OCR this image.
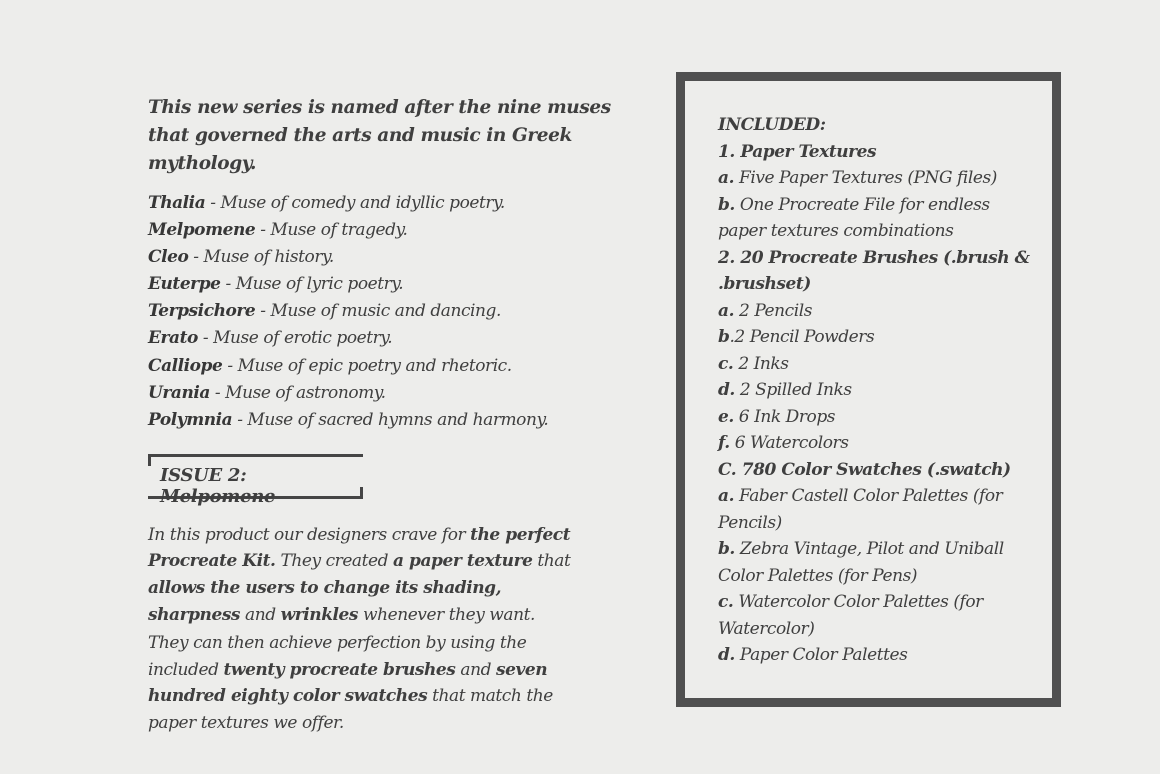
This new series is named after the nine muses that governed the arts and music in Greek mythology.

Thalia - Muse of comedy and idyllic poetry.
Melpomene - Muse of tragedy.
Cleo - Muse of history.
Euterpe - Muse of lyric poetry.
Terpsichore - Muse of music and dancing.
Erato - Muse of erotic poetry.
Calliope - Muse of epic poetry and rhetoric.
Urania - Muse of astronomy.
Polymnia - Muse of sacred hymns and harmony.
ISSUE 2: Melpomene

In this product our designers crave for the perfect Procreate Kit. They created a paper texture that allows the users to change its shading, sharpness and wrinkles whenever they want.

They can then achieve perfection by using the included twenty procreate brushes and seven hundred eighty color swatches that match the paper textures we offer.

INCLUDED:
1. Paper Textures
a. Five Paper Textures (PNG files)
b. One Procreate File for endless paper textures combinations
2. 20 Procreate Brushes (.brush & .brushset)
a. 2 Pencils
b.2 Pencil Powders
c. 2 Inks
d. 2 Spilled Inks
e. 6 Ink Drops
f. 6 Watercolors
C. 780 Color Swatches (.swatch)
a. Faber Castell Color Palettes (for Pencils)
b. Zebra Vintage, Pilot and Uniball Color Palettes (for Pens)
c. Watercolor Color Palettes (for Watercolor)
d. Paper Color Palettes
